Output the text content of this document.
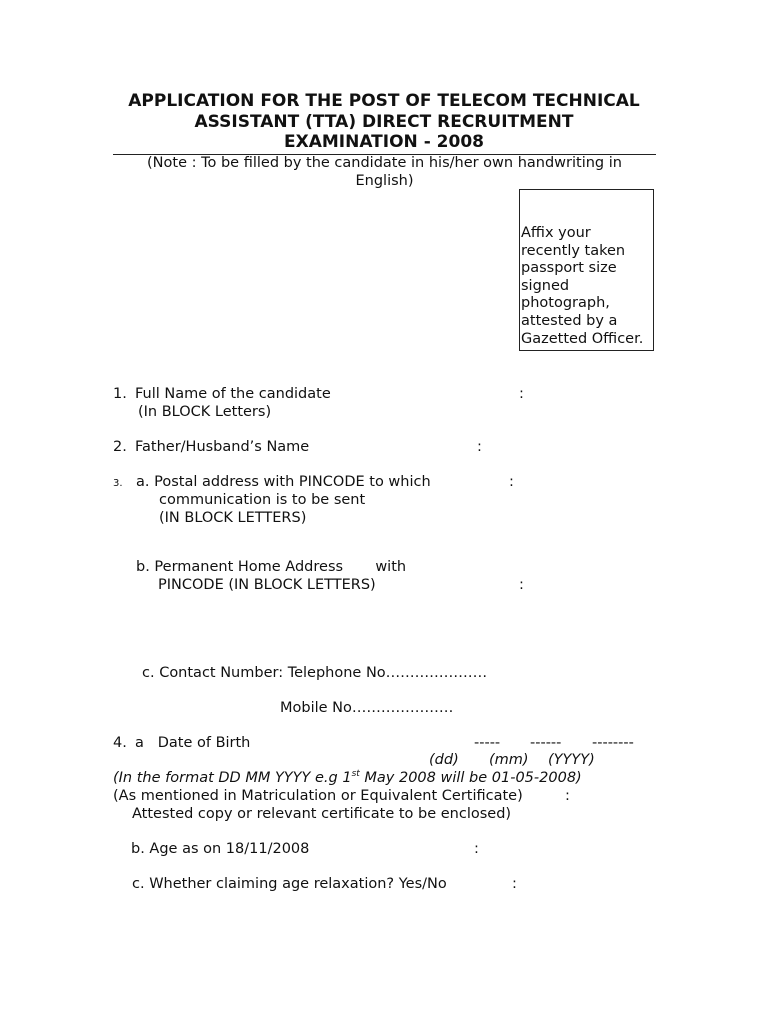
APPLICATION FOR THE POST OF TELECOM TECHNICAL
ASSISTANT (TTA) DIRECT RECRUITMENT
EXAMINATION - 2008
(Note : To be filled by the candidate in his/her own handwriting in
English)
Affix your recently taken passport size signed photograph, attested by a Gazetted Officer.
1. Full Name of the candidate	:
(In BLOCK Letters)
2. Father/Husband’s Name	:
3. a. Postal address with PINCODE to which	:
communication is to be sent
(IN BLOCK LETTERS)
b. Permanent Home Address       with
PINCODE (IN BLOCK LETTERS)	:
c. Contact Number: Telephone No…………………
Mobile No…………………
4. a   Date of Birth	----- ------ --------
(dd) (mm) (YYYY)
(In the format DD MM YYYY e.g 1st May 2008 will be 01-05-2008)
(As mentioned in Matriculation or Equivalent Certificate)	:
Attested copy or relevant certificate to be enclosed)
b. Age as on 18/11/2008	:
c. Whether claiming age relaxation? Yes/No	:
